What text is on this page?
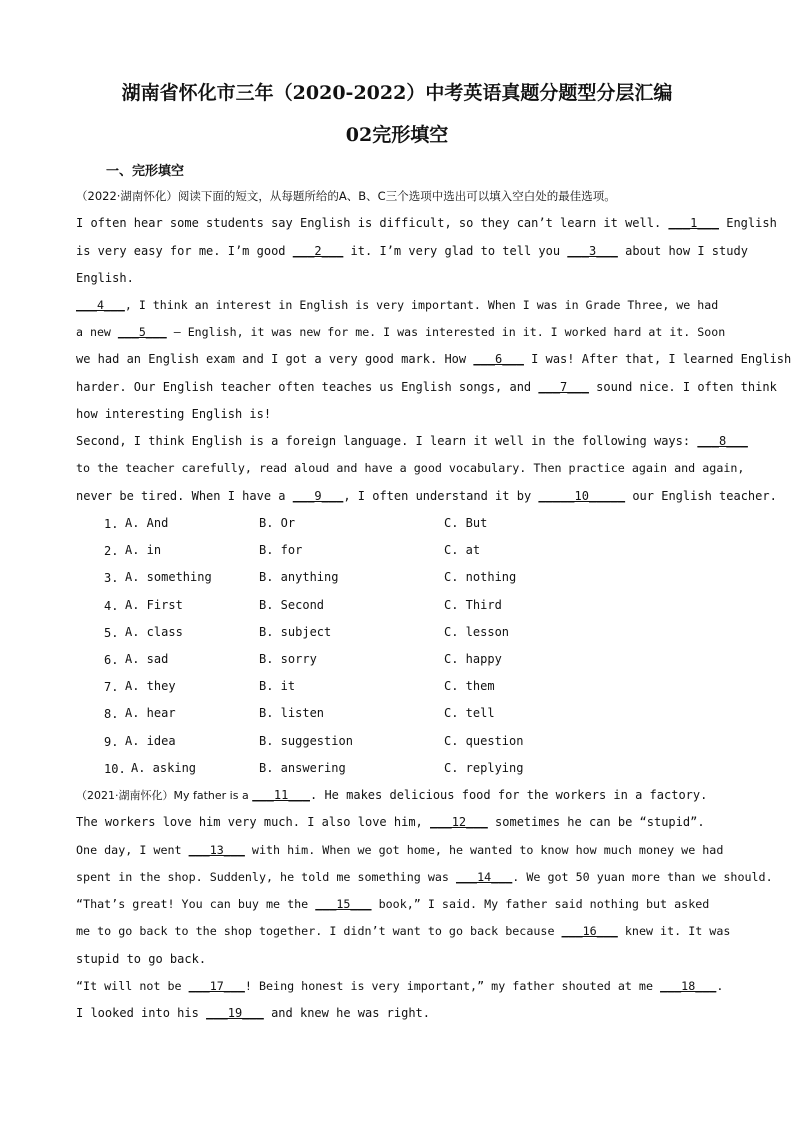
湖南省怀化市三年（2020-2022）中考英语真题分题型分层汇编
02完形填空
一、完形填空
（2022·湖南怀化）阅读下面的短文，从每题所给的A、B、C三个选项中选出可以填入空白处的最佳选项。
I often hear some students say English is difficult, so they can’t learn it well. ___1___ English
is very easy for me. I’m good ___2___ it. I’m very glad to tell you ___3___ about how I study
English.
___4___ , I think an interest in English is very important. When I was in Grade Three, we had
a new ___5___ — English, it was new for me. I was interested in it. I worked hard at it. Soon
we had an English exam and I got a very good mark. How ___6___ I was! After that, I learned English
harder. Our English teacher often teaches us English songs, and ___7___ sound nice. I often think
how interesting English is!
Second, I think English is a foreign language. I learn it well in the following ways: ___8___
to the teacher carefully, read aloud and have a good vocabulary. Then practice again and again,
never be tired. When I have a ___9___ , I often understand it by _____10_____ our English teacher.
1. A. And	B. Or	C. But
2. A. in	B. for	C. at
3. A. something	B. anything	C. nothing
4. A. First	B. Second	C. Third
5. A. class	B. subject	C. lesson
6. A. sad	B. sorry	C. happy
7. A. they	B. it	C. them
8. A. hear	B. listen	C. tell
9. A. idea	B. suggestion	C. question
10. A. asking	B. answering	C. replying
（2021·湖南怀化）My father is a ___11___ . He makes delicious food for the workers in a factory.
The workers love him very much. I also love him, ___12___ sometimes he can be “stupid”.
One day, I went ___13___ with him. When we got home, he wanted to know how much money we had
spent in the shop. Suddenly, he told me something was ___14___ . We got 50 yuan more than we should.
“That’s great! You can buy me the ___15___ book,” I said. My father said nothing but asked
me to go back to the shop together. I didn’t want to go back because ___16___ knew it. It was
stupid to go back.
“It will not be ___17___ ! Being honest is very important,” my father shouted at me ___18___ .
I looked into his ___19___ and knew he was right.
